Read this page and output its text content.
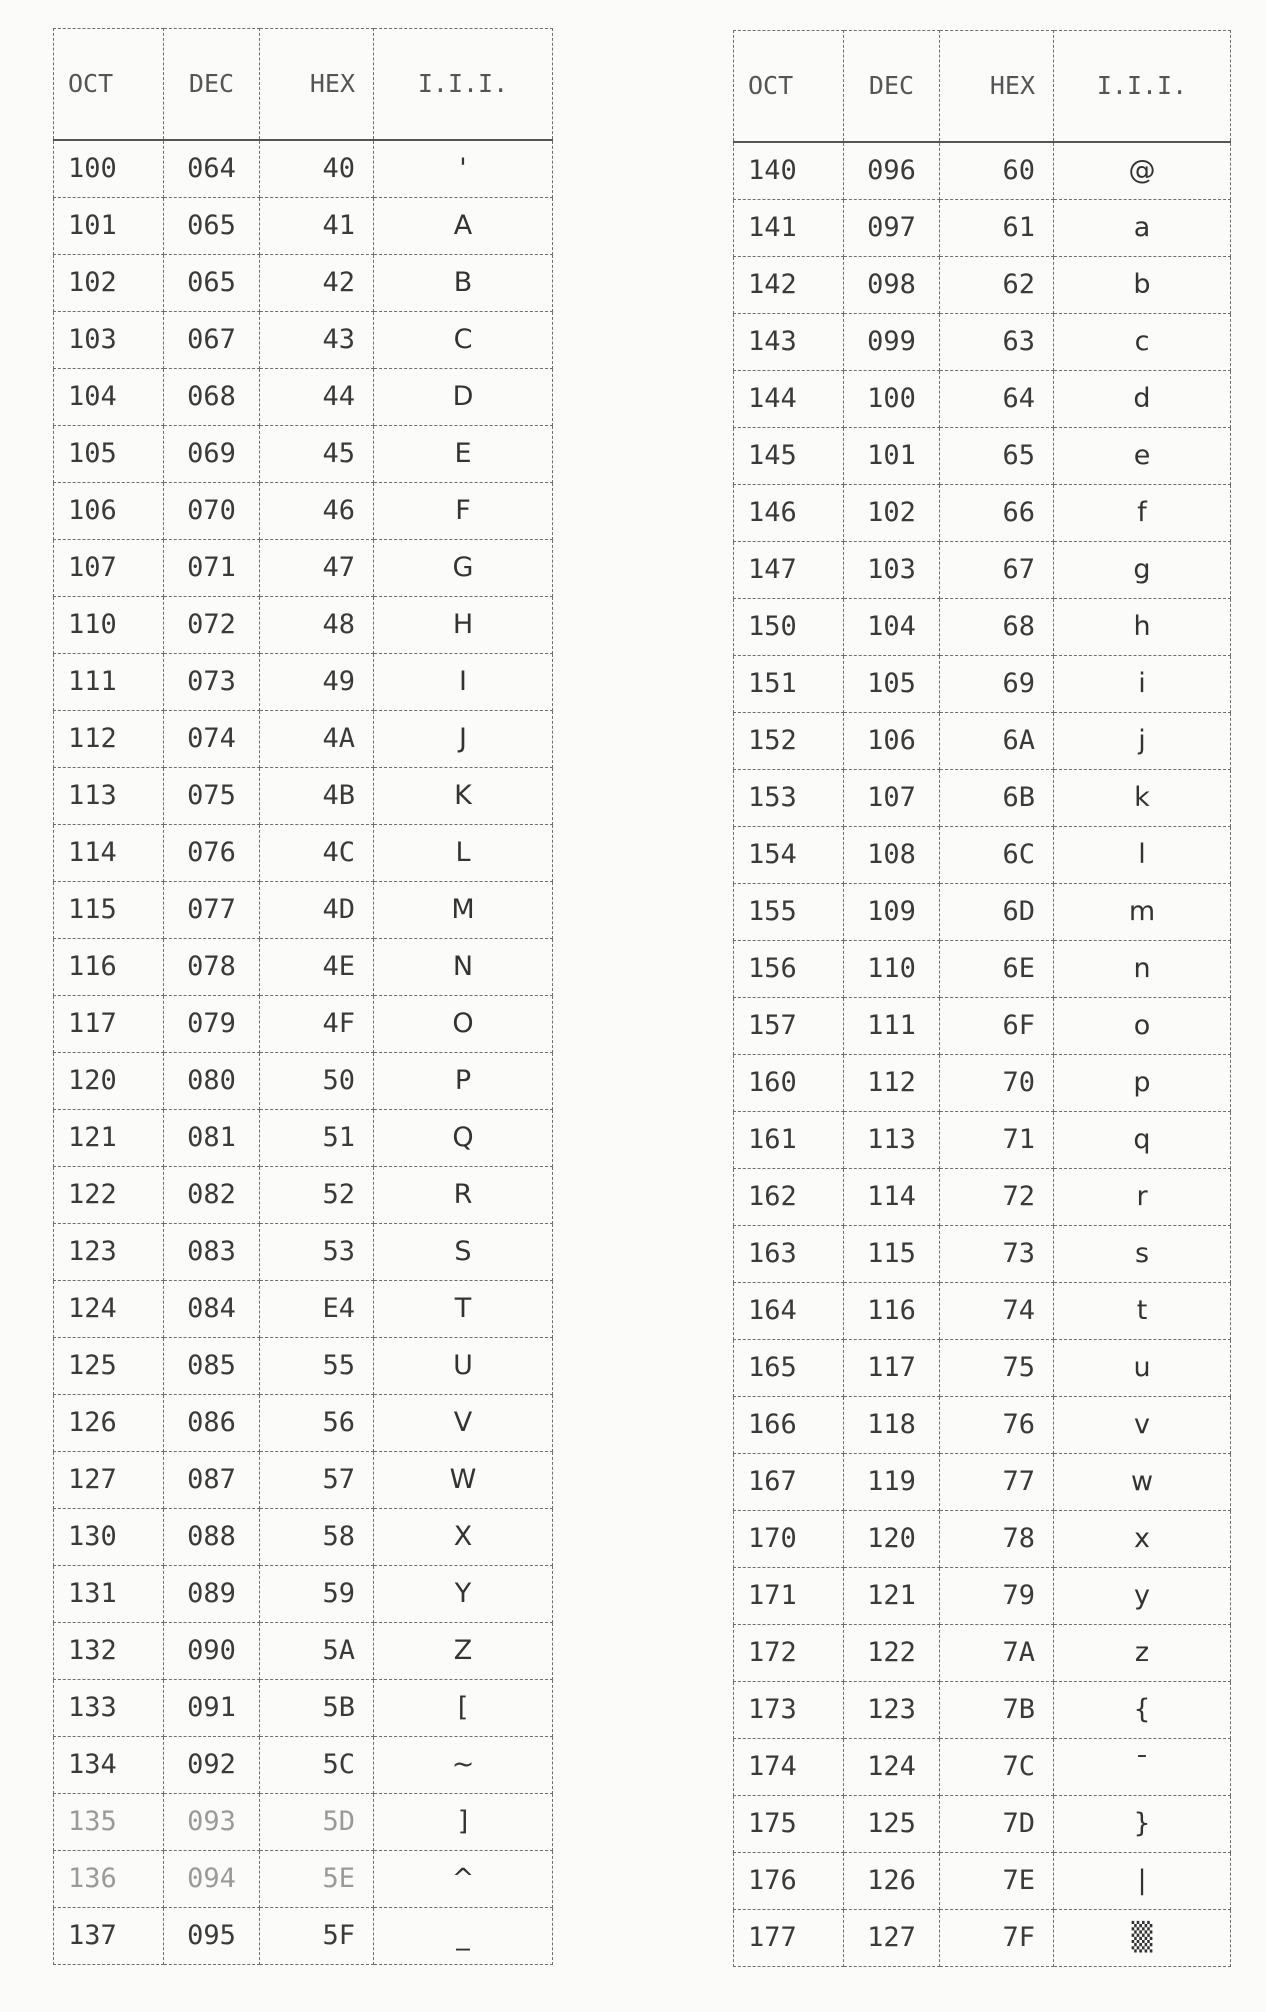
OCT	DEC	HEX	I.I.I.
100	064	40	'
101	065	41	A
102	065	42	B
103	067	43	C
104	068	44	D
105	069	45	E
106	070	46	F
107	071	47	G
110	072	48	H
111	073	49	I
112	074	4A	J
113	075	4B	K
114	076	4C	L
115	077	4D	M
116	078	4E	N
117	079	4F	O
120	080	50	P
121	081	51	Q
122	082	52	R
123	083	53	S
124	084	E4	T
125	085	55	U
126	086	56	V
127	087	57	W
130	088	58	X
131	089	59	Y
132	090	5A	Z
133	091	5B	[
134	092	5C	~
135	093	5D	]
136	094	5E	^
137	095	5F	_
OCT	DEC	HEX	I.I.I.
140	096	60	@
141	097	61	a
142	098	62	b
143	099	63	c
144	100	64	d
145	101	65	e
146	102	66	f
147	103	67	g
150	104	68	h
151	105	69	i
152	106	6A	j
153	107	6B	k
154	108	6C	l
155	109	6D	m
156	110	6E	n
157	111	6F	o
160	112	70	p
161	113	71	q
162	114	72	r
163	115	73	s
164	116	74	t
165	117	75	u
166	118	76	v
167	119	77	w
170	120	78	x
171	121	79	y
172	122	7A	z
173	123	7B	{
174	124	7C	¯
175	125	7D	}
176	126	7E	|
177	127	7F	▒
